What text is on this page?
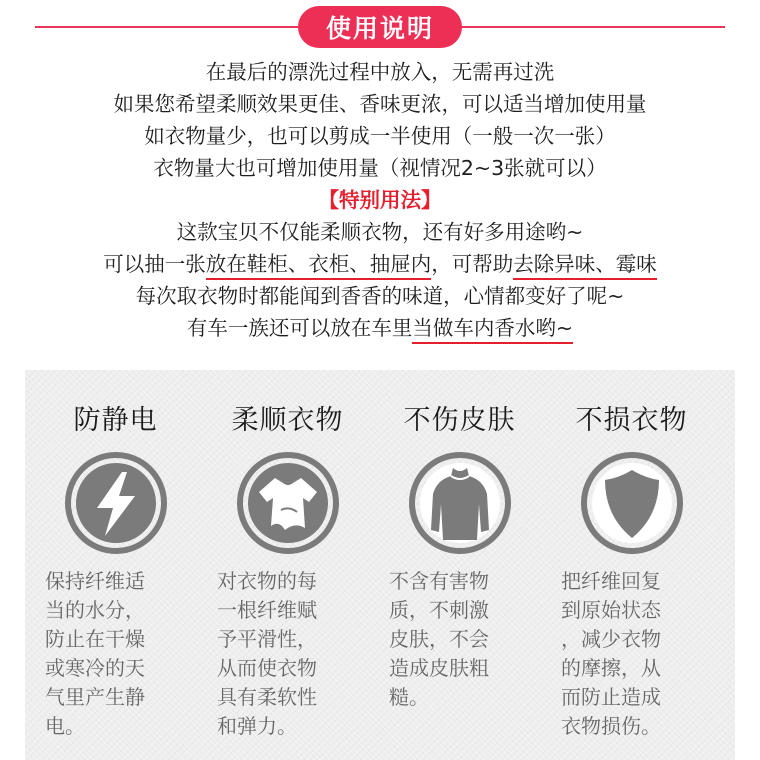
使用说明
在最后的漂洗过程中放入，无需再过洗
如果您希望柔顺效果更佳、香味更浓，可以适当增加使用量
如衣物量少，也可以剪成一半使用（一般一次一张）
衣物量大也可增加使用量（视情况2~3张就可以）
【特别用法】
这款宝贝不仅能柔顺衣物，还有好多用途哟~
可以抽一张放在鞋柜、衣柜、抽屉内，可帮助去除异味、霉味
每次取衣物时都能闻到香香的味道，心情都变好了呢~
有车一族还可以放在车里当做车内香水哟~
防静电
保持纤维适
当的水分，
防止在干燥
或寒冷的天
气里产生静
电。
柔顺衣物
对衣物的每
一根纤维赋
予平滑性，
从而使衣物
具有柔软性
和弹力。
不伤皮肤
不含有害物
质，不刺激
皮肤，不会
造成皮肤粗
糙。
不损衣物
把纤维回复
到原始状态
，减少衣物
的摩擦，从
而防止造成
衣物损伤。
